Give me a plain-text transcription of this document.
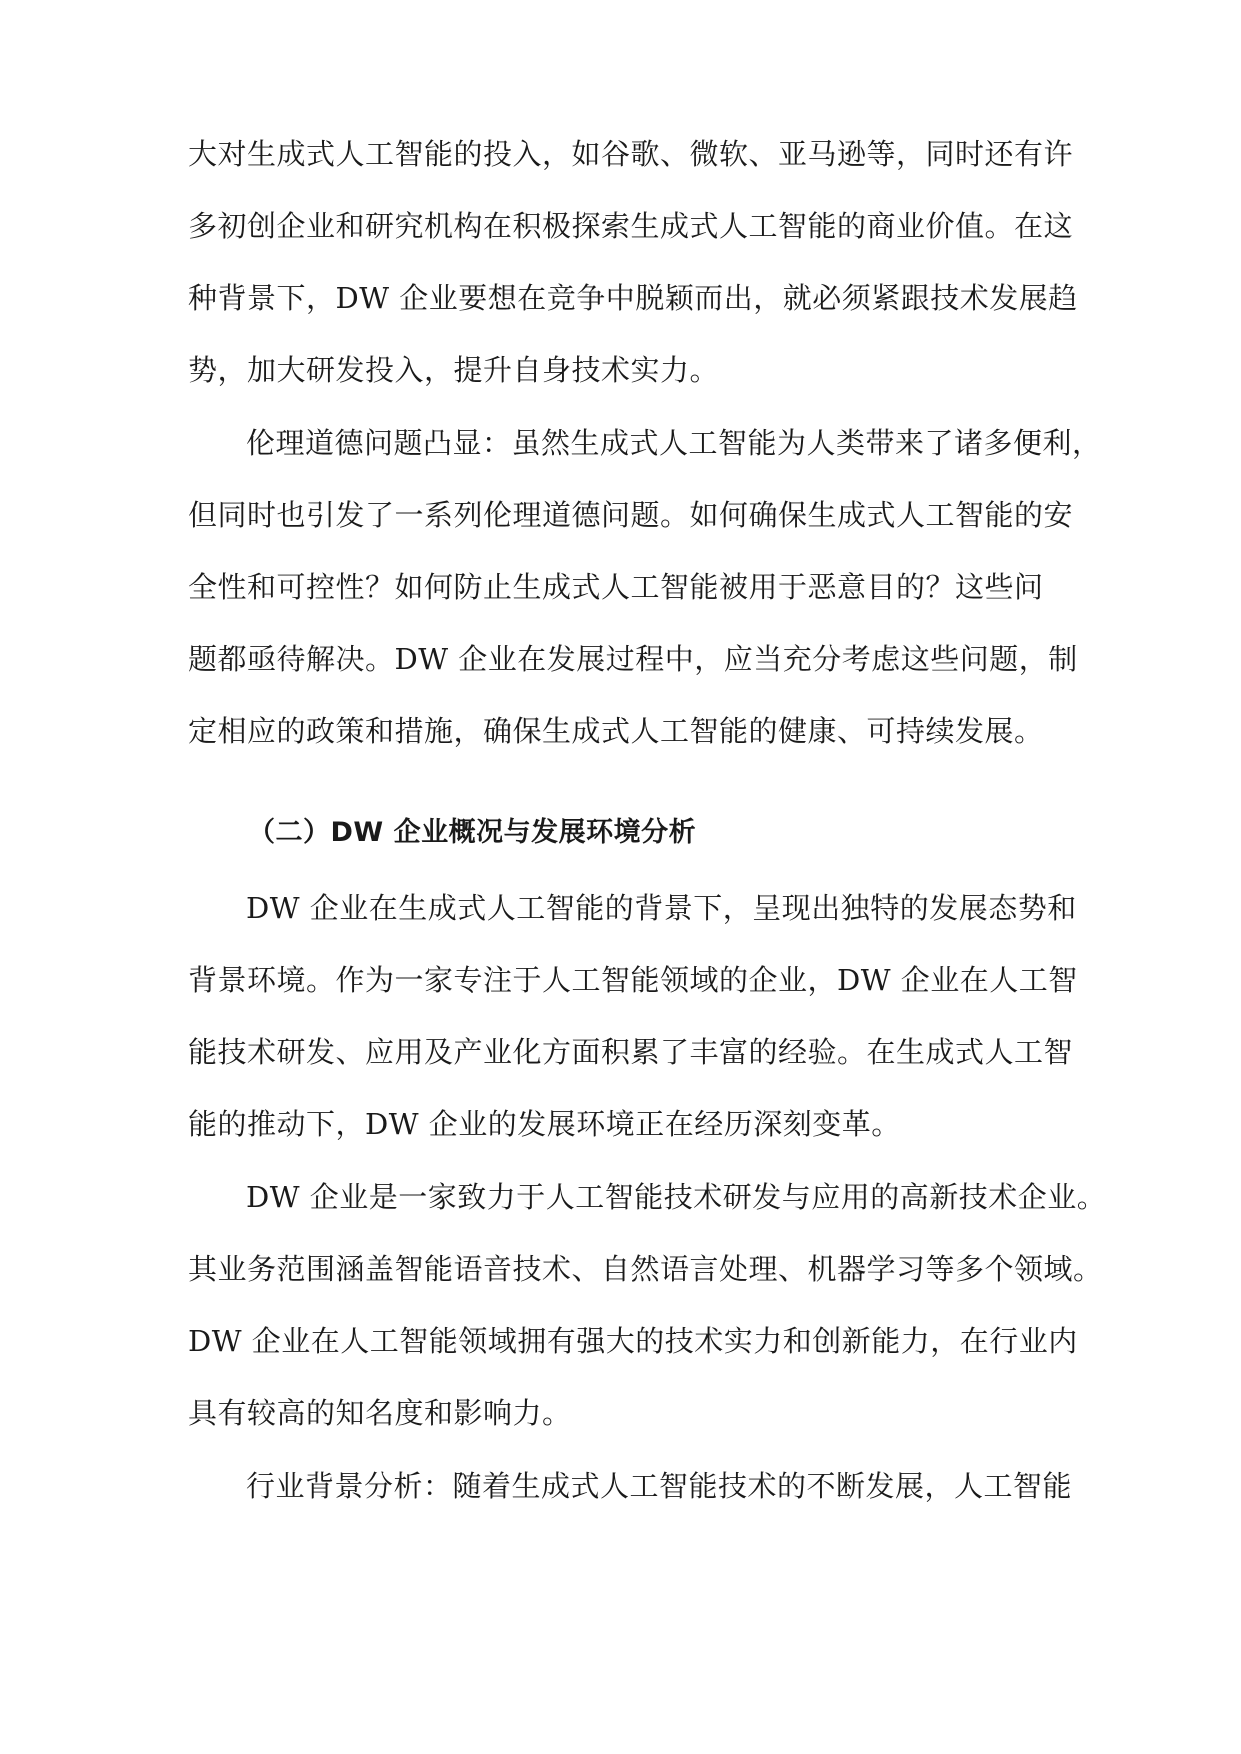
大对生成式人工智能的投入，如谷歌、微软、亚马逊等，同时还有许
多初创企业和研究机构在积极探索生成式人工智能的商业价值。在这
种背景下，DW 企业要想在竞争中脱颖而出，就必须紧跟技术发展趋
势，加大研发投入，提升自身技术实力。
伦理道德问题凸显：虽然生成式人工智能为人类带来了诸多便利，
但同时也引发了一系列伦理道德问题。如何确保生成式人工智能的安
全性和可控性？如何防止生成式人工智能被用于恶意目的？这些问
题都亟待解决。DW 企业在发展过程中，应当充分考虑这些问题，制
定相应的政策和措施，确保生成式人工智能的健康、可持续发展。
（二）DW 企业概况与发展环境分析
DW 企业在生成式人工智能的背景下，呈现出独特的发展态势和
背景环境。作为一家专注于人工智能领域的企业，DW 企业在人工智
能技术研发、应用及产业化方面积累了丰富的经验。在生成式人工智
能的推动下，DW 企业的发展环境正在经历深刻变革。
DW 企业是一家致力于人工智能技术研发与应用的高新技术企业。
其业务范围涵盖智能语音技术、自然语言处理、机器学习等多个领域。
DW 企业在人工智能领域拥有强大的技术实力和创新能力，在行业内
具有较高的知名度和影响力。
行业背景分析：随着生成式人工智能技术的不断发展，人工智能
